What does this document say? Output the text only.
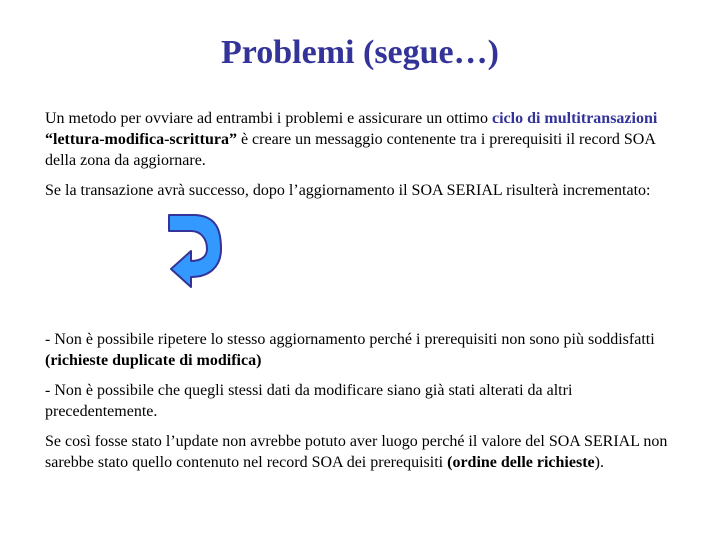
Problemi (segue…)

Un metodo per ovviare ad entrambi i problemi e assicurare un ottimo ciclo di multitransazioni “lettura-modifica-scrittura” è creare un messaggio contenente tra i prerequisiti il record SOA della zona da aggiornare.

Se la transazione avrà successo, dopo l’aggiornamento il SOA SERIAL risulterà incrementato:

- Non è possibile ripetere lo stesso aggiornamento perché i prerequisiti non sono più soddisfatti (richieste duplicate di modifica)

- Non è possibile che quegli stessi dati da modificare siano già stati alterati da altri precedentemente.

Se così fosse stato l’update non avrebbe potuto aver luogo perché il valore del SOA SERIAL non sarebbe stato quello contenuto nel record SOA dei prerequisiti (ordine delle richieste).
